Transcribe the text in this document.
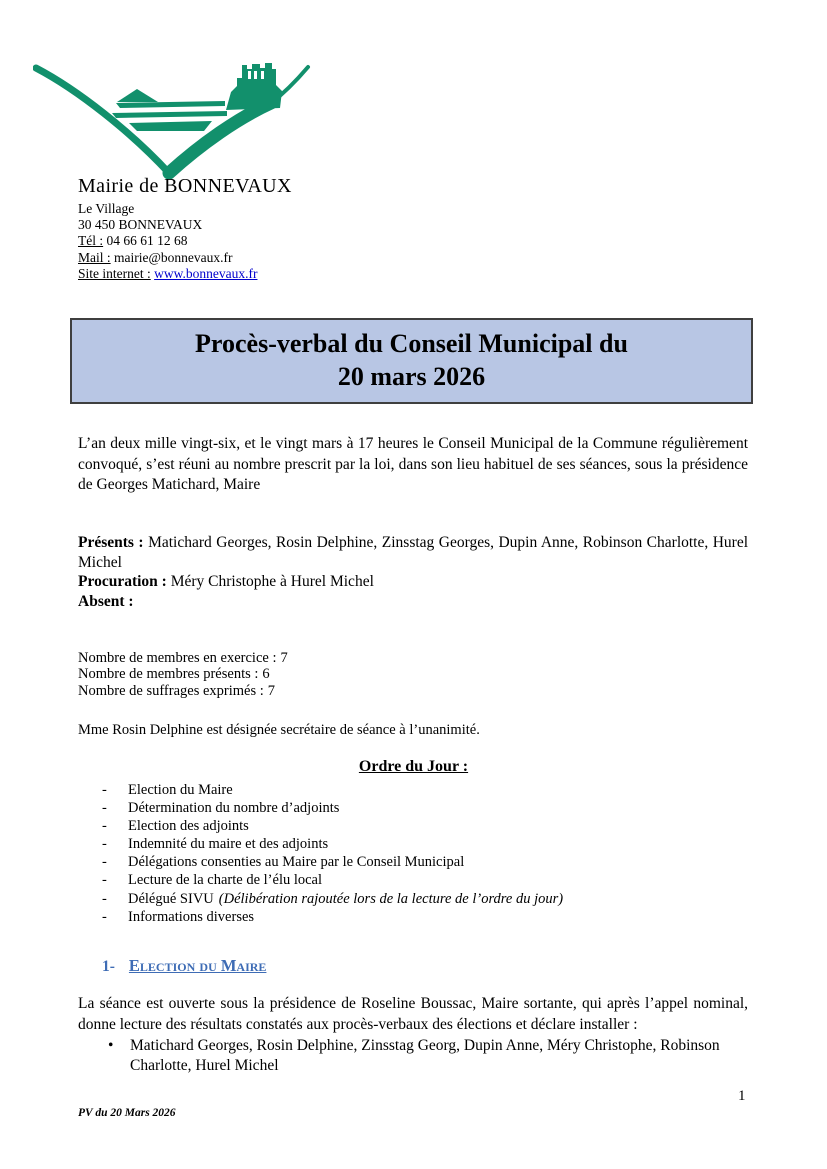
Mairie de BONNEVAUX
Le Village
30 450 BONNEVAUX
Tél : 04 66 61 12 68
Mail : mairie@bonnevaux.fr
Site internet : www.bonnevaux.fr
Procès-verbal du Conseil Municipal du
20 mars 2026

L’an deux mille vingt-six, et le vingt mars à 17 heures le Conseil Municipal de la Commune régulièrement convoqué, s’est réuni au nombre prescrit par la loi, dans son lieu habituel de ses séances, sous la présidence de Georges Matichard, Maire

Présents : Matichard Georges, Rosin Delphine, Zinsstag Georges, Dupin Anne, Robinson Charlotte, Hurel Michel

Procuration : Méry Christophe à Hurel Michel

Absent :

Nombre de membres en exercice : 7
Nombre de membres présents : 6
Nombre de suffrages exprimés : 7

Mme Rosin Delphine est désignée secrétaire de séance à l’unanimité.

Ordre du Jour :
- Election du Maire
- Détermination du nombre d’adjoints
- Election des adjoints
- Indemnité du maire et des adjoints
- Délégations consenties au Maire par le Conseil Municipal
- Lecture de la charte de l’élu local
- Délégué SIVU (Délibération rajoutée lors de la lecture de l’ordre du jour)
- Informations diverses
1- Election du Maire

La séance est ouverte sous la présidence de Roseline Boussac, Maire sortante, qui après l’appel nominal, donne lecture des résultats constatés aux procès-verbaux des élections et déclare installer :

• Matichard Georges, Rosin Delphine, Zinsstag Georg, Dupin Anne, Méry Christophe, Robinson Charlotte, Hurel Michel
PV du 20 Mars 2026
1
